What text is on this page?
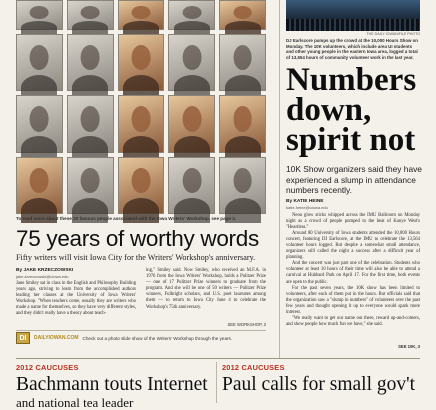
To read more about these 20 famous people associated with the Iowa Writers' Workshop, see page 3.
75 years of worthy words
Fifty writers will visit Iowa City for the Writers' Workshop's anniversary.
By JAKE KRZECZOWSKI
jake-krzeczowski@uiowa.edu
Jane Smiley sat in class in the English and Philosophy Building years ago, striving to learn from the accomplished authors leading her classes at the University of Iowa Writers' Workshop. "When teachers come, usually they are writers who made a name for themselves, so they have very different styles, and they didn't really have a theory about teach-
ing," Smiley said. Now Smiley, who received an M.F.A. in 1976 from the Iowa Writers' Workshop, holds a Pulitzer Prize — one of 17 Pulitzer Prize winners to graduate from the program. And she will be one of 50 writers — Pulitzer Prize winners, Fulbright scholars, and U.S. poet laureates among them — to return to Iowa City June 4 to celebrate the Workshop's 75th anniversary.
SEE WORKSHOP, 3
DI	DAILYIOWAN.COM Check out a photo slide show of the Writers' Workshop through the years.
THE DAILY IOWAN/FILE PHOTO
DJ Earlscore pumps up the crowd at the 10,000 Hours Show on Monday. The 10K volunteers, which include area UI students and other young people in the eastern Iowa area, logged a total of 13,654 hours of community volunteer work in the last year.
Numbers down, spirit not
10K Show organizers said they have experienced a slump in attendance numbers recently.
By KATIE HEINE
katie-heine@uiowa.edu

Neon glow sticks whipped across the IMU Ballroom on Monday night as a crowd of people pumped to the beat of Kanye West's "Heartless."

Around 80 University of Iowa students attended the 10,000 Hours concert, featuring DJ Earlscore, at the IMU to celebrate the 13,564 volunteer hours logged. But despite a somewhat small attendance, organizers still called the night a success after a difficult year of planning.

And the concert was just part one of the celebration. Students who volunteer at least 10 hours of their time will also be able to attend a carnival at Hubbard Park on April 17. For the first time, both events are open to the public.

For the past seven years, the 10K show has been limited to volunteers, after each of them put in the hours. But officials said that the organization saw a "slump in numbers" of volunteers over the past few years and thought opening it up to everyone would spark more interest.

"We really want to get our name out there, reward up-and-comers, and show people how much fun we have," she said.

SEE 10K, 3
2012 CAUCUSES
Bachmann touts Internet
and national tea leader
2012 CAUCUSES
Paul calls for small gov't
